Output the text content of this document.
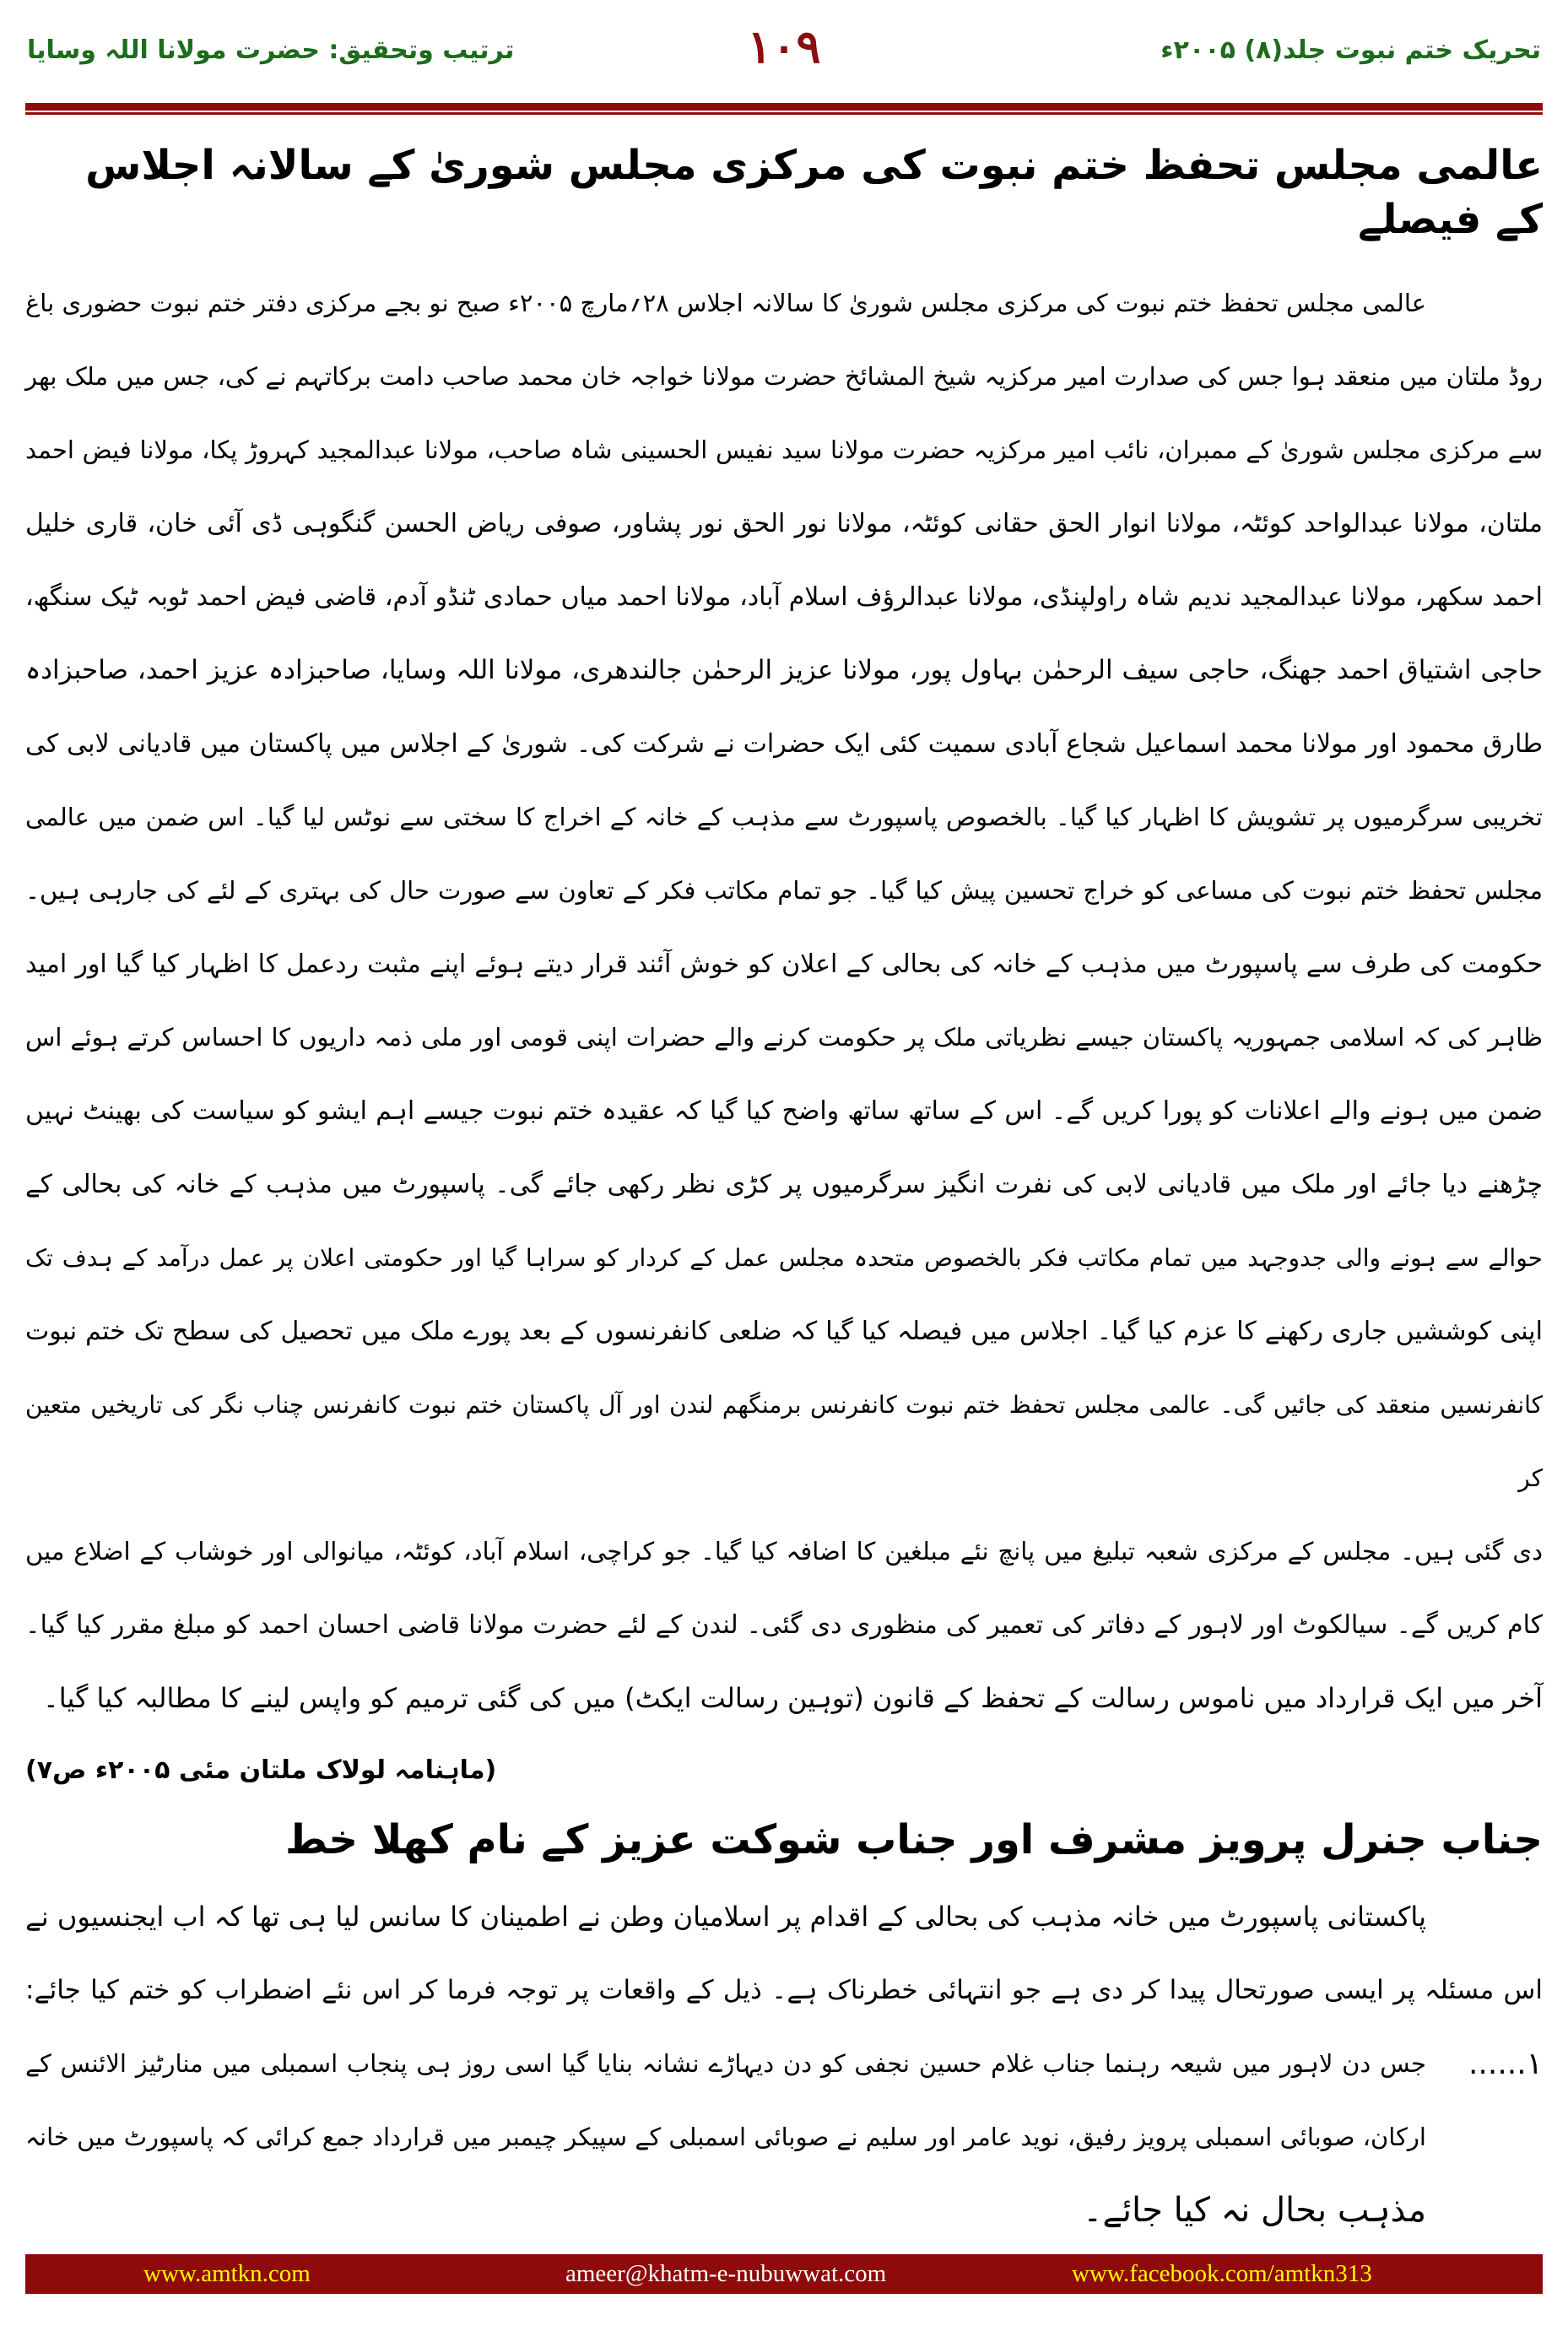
تحریک ختم نبوت جلد(۸) ۲۰۰۵ء
۱۰۹
ترتیب وتحقیق: حضرت مولانا اللہ وسایا
عالمی مجلس تحفظ ختم نبوت کی مرکزی مجلس شوریٰ کے سالانہ اجلاس کے فیصلے
عالمی مجلس تحفظ ختم نبوت کی مرکزی مجلس شوریٰ کا سالانہ اجلاس ۲۸؍مارچ ۲۰۰۵ء صبح نو بجے مرکزی دفتر ختم نبوت حضوری باغ
روڈ ملتان میں منعقد ہوا جس کی صدارت امیر مرکزیہ شیخ المشائخ حضرت مولانا خواجہ خان محمد صاحب دامت برکاتہم نے کی، جس میں ملک بھر
سے مرکزی مجلس شوریٰ کے ممبران، نائب امیر مرکزیہ حضرت مولانا سید نفیس الحسینی شاہ صاحب، مولانا عبدالمجید کہروڑ پکا، مولانا فیض احمد
ملتان، مولانا عبدالواحد کوئٹہ، مولانا انوار الحق حقانی کوئٹہ، مولانا نور الحق نور پشاور، صوفی ریاض الحسن گنگوہی ڈی آئی خان، قاری خلیل
احمد سکھر، مولانا عبدالمجید ندیم شاہ راولپنڈی، مولانا عبدالرؤف اسلام آباد، مولانا احمد میاں حمادی ٹنڈو آدم، قاضی فیض احمد ٹوبہ ٹیک سنگھ،
حاجی اشتیاق احمد جھنگ، حاجی سیف الرحمٰن بہاول پور، مولانا عزیز الرحمٰن جالندھری، مولانا اللہ وسایا، صاحبزادہ عزیز احمد، صاحبزادہ
طارق محمود اور مولانا محمد اسماعیل شجاع آبادی سمیت کئی ایک حضرات نے شرکت کی۔ شوریٰ کے اجلاس میں پاکستان میں قادیانی لابی کی
تخریبی سرگرمیوں پر تشویش کا اظہار کیا گیا۔ بالخصوص پاسپورٹ سے مذہب کے خانہ کے اخراج کا سختی سے نوٹس لیا گیا۔ اس ضمن میں عالمی
مجلس تحفظ ختم نبوت کی مساعی کو خراج تحسین پیش کیا گیا۔ جو تمام مکاتب فکر کے تعاون سے صورت حال کی بہتری کے لئے کی جارہی ہیں۔
حکومت کی طرف سے پاسپورٹ میں مذہب کے خانہ کی بحالی کے اعلان کو خوش آئند قرار دیتے ہوئے اپنے مثبت ردعمل کا اظہار کیا گیا اور امید
ظاہر کی کہ اسلامی جمہوریہ پاکستان جیسے نظریاتی ملک پر حکومت کرنے والے حضرات اپنی قومی اور ملی ذمہ داریوں کا احساس کرتے ہوئے اس
ضمن میں ہونے والے اعلانات کو پورا کریں گے۔ اس کے ساتھ ساتھ واضح کیا گیا کہ عقیدہ ختم نبوت جیسے اہم ایشو کو سیاست کی بھینٹ نہیں
چڑھنے دیا جائے اور ملک میں قادیانی لابی کی نفرت انگیز سرگرمیوں پر کڑی نظر رکھی جائے گی۔ پاسپورٹ میں مذہب کے خانہ کی بحالی کے
حوالے سے ہونے والی جدوجہد میں تمام مکاتب فکر بالخصوص متحدہ مجلس عمل کے کردار کو سراہا گیا اور حکومتی اعلان پر عمل درآمد کے ہدف تک
اپنی کوششیں جاری رکھنے کا عزم کیا گیا۔ اجلاس میں فیصلہ کیا گیا کہ ضلعی کانفرنسوں کے بعد پورے ملک میں تحصیل کی سطح تک ختم نبوت
کانفرنسیں منعقد کی جائیں گی۔ عالمی مجلس تحفظ ختم نبوت کانفرنس برمنگھم لندن اور آل پاکستان ختم نبوت کانفرنس چناب نگر کی تاریخیں متعین کر
دی گئی ہیں۔ مجلس کے مرکزی شعبہ تبلیغ میں پانچ نئے مبلغین کا اضافہ کیا گیا۔ جو کراچی، اسلام آباد، کوئٹہ، میانوالی اور خوشاب کے اضلاع میں
کام کریں گے۔ سیالکوٹ اور لاہور کے دفاتر کی تعمیر کی منظوری دی گئی۔ لندن کے لئے حضرت مولانا قاضی احسان احمد کو مبلغ مقرر کیا گیا۔
آخر میں ایک قرارداد میں ناموس رسالت کے تحفظ کے قانون (توہین رسالت ایکٹ) میں کی گئی ترمیم کو واپس لینے کا مطالبہ کیا گیا۔
(ماہنامہ لولاک ملتان مئی ۲۰۰۵ء ص۷)
جناب جنرل پرویز مشرف اور جناب شوکت عزیز کے نام کھلا خط
پاکستانی پاسپورٹ میں خانہ مذہب کی بحالی کے اقدام پر اسلامیان وطن نے اطمینان کا سانس لیا ہی تھا کہ اب ایجنسیوں نے
اس مسئلہ پر ایسی صورتحال پیدا کر دی ہے جو انتہائی خطرناک ہے۔ ذیل کے واقعات پر توجہ فرما کر اس نئے اضطراب کو ختم کیا جائے:
۱......
جس دن لاہور میں شیعہ رہنما جناب غلام حسین نجفی کو دن دیہاڑے نشانہ بنایا گیا اسی روز ہی پنجاب اسمبلی میں منارٹیز الائنس کے
ارکان، صوبائی اسمبلی پرویز رفیق، نوید عامر اور سلیم نے صوبائی اسمبلی کے سپیکر چیمبر میں قرارداد جمع کرائی کہ پاسپورٹ میں خانہ
مذہب بحال نہ کیا جائے۔
www.amtkn.com	ameer@khatm-e-nubuwwat.com	www.facebook.com/amtkn313
